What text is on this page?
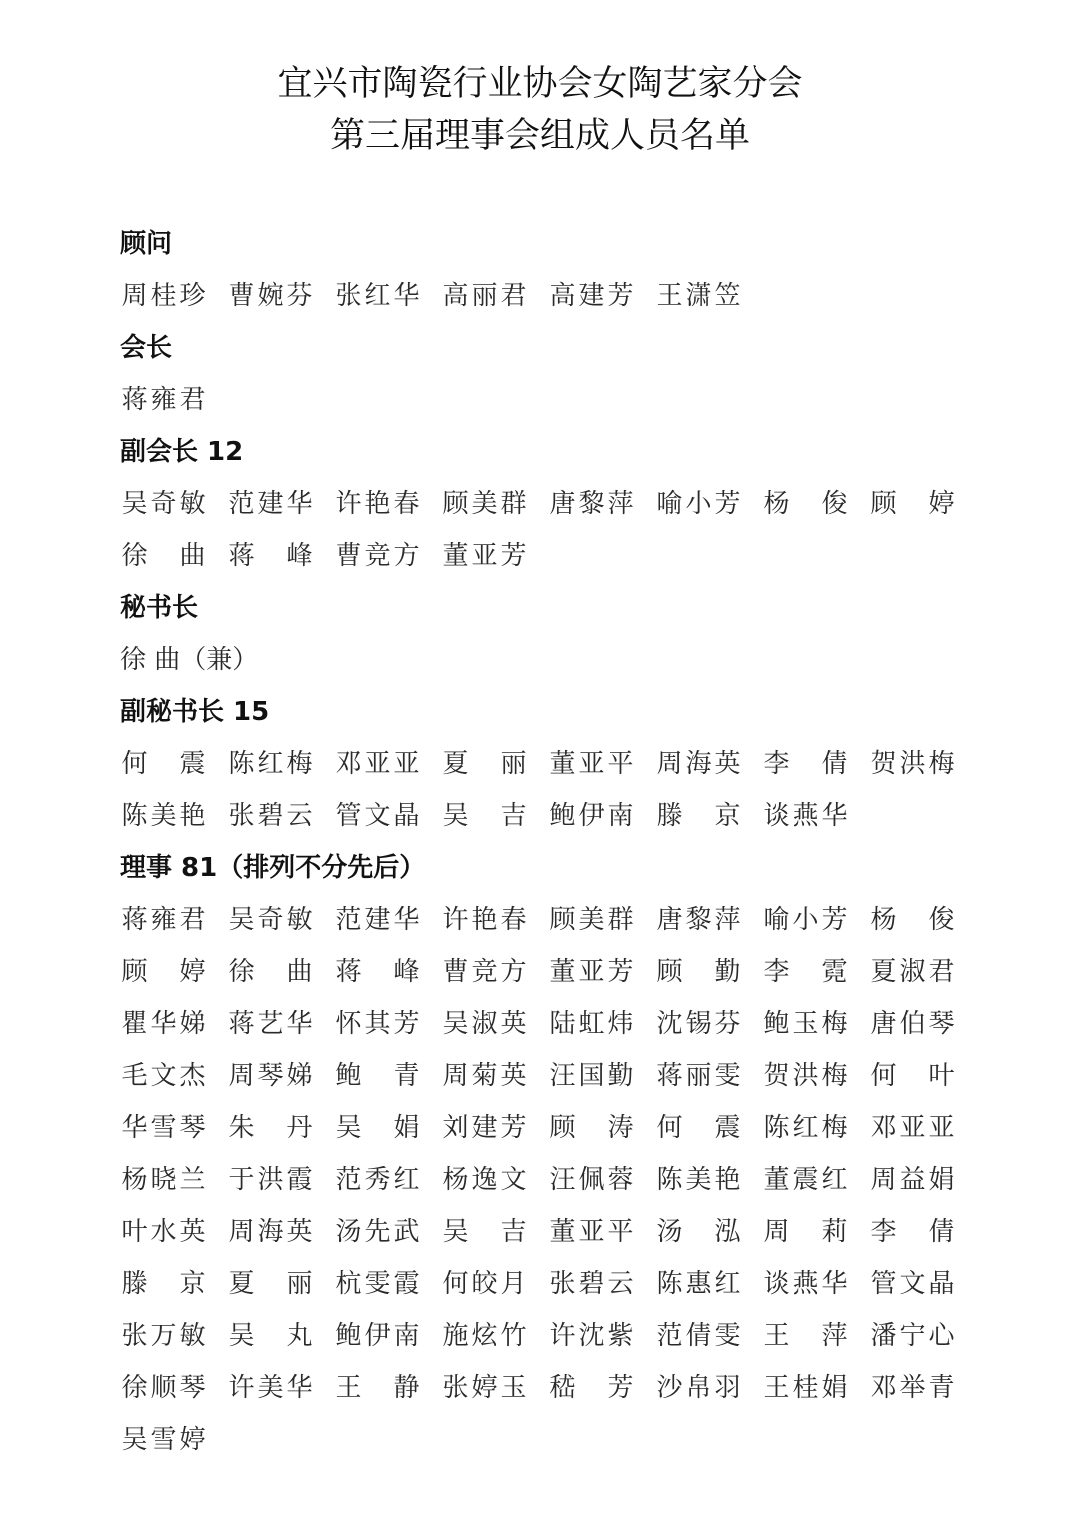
宜兴市陶瓷行业协会女陶艺家分会
第三届理事会组成人员名单
顾问
周 桂 珍 曹 婉 芬 张 红 华 高 丽 君 高 建 芳 王 潇 笠
会长
蒋 雍 君
副会长 12
吴 奇 敏 范 建 华 许 艳 春 顾 美 群 唐 黎 萍 喻 小 芳 杨 俊 顾 婷
徐 曲 蒋 峰 曹 竞 方 董 亚 芳
秘书长
徐 曲（兼）
副秘书长 15
何 震 陈 红 梅 邓 亚 亚 夏 丽 董 亚 平 周 海 英 李 倩 贺 洪 梅
陈 美 艳 张 碧 云 管 文 晶 吴 吉 鲍 伊 南 滕 京 谈 燕 华
理事 81（排列不分先后）
蒋 雍 君 吴 奇 敏 范 建 华 许 艳 春 顾 美 群 唐 黎 萍 喻 小 芳 杨 俊
顾 婷 徐 曲 蒋 峰 曹 竞 方 董 亚 芳 顾 勤 李 霓 夏 淑 君
瞿 华 娣 蒋 艺 华 怀 其 芳 吴 淑 英 陆 虹 炜 沈 锡 芬 鲍 玉 梅 唐 伯 琴
毛 文 杰 周 琴 娣 鲍 青 周 菊 英 汪 国 勤 蒋 丽 雯 贺 洪 梅 何 叶
华 雪 琴 朱 丹 吴 娟 刘 建 芳 顾 涛 何 震 陈 红 梅 邓 亚 亚
杨 晓 兰 于 洪 霞 范 秀 红 杨 逸 文 汪 佩 蓉 陈 美 艳 董 震 红 周 益 娟
叶 水 英 周 海 英 汤 先 武 吴 吉 董 亚 平 汤 泓 周 莉 李 倩
滕 京 夏 丽 杭 雯 霞 何 皎 月 张 碧 云 陈 惠 红 谈 燕 华 管 文 晶
张 万 敏 吴 丸 鲍 伊 南 施 炫 竹 许 沈 紫 范 倩 雯 王 萍 潘 宁 心
徐 顺 琴 许 美 华 王 静 张 婷 玉 嵇 芳 沙 帛 羽 王 桂 娟 邓 举 青
吴 雪 婷
